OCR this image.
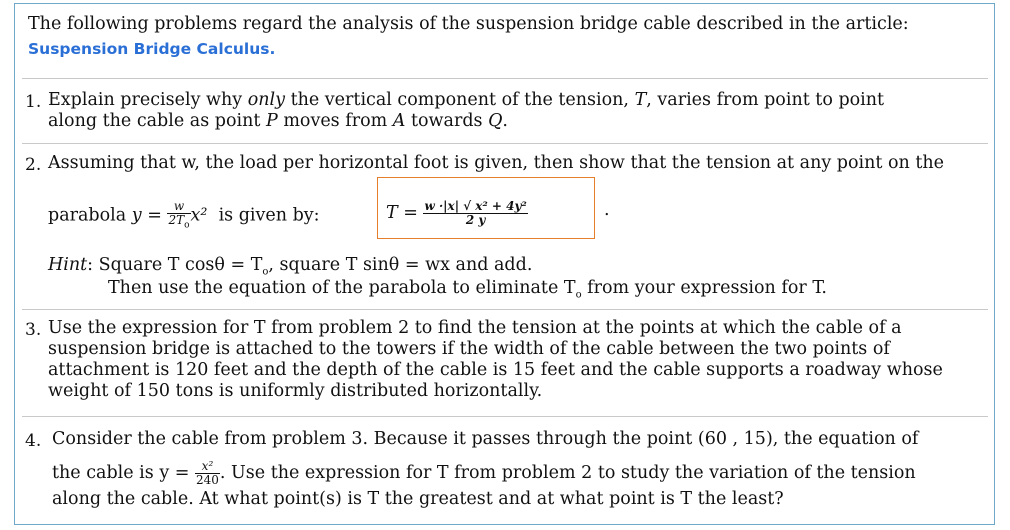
The following problems regard the analysis of the suspension bridge cable described in the article:
Suspension Bridge Calculus.
1. Explain precisely why only the vertical component of the tension, T, varies from point to point
along the cable as point P moves from A towards Q.
2. Assuming that w, the load per horizontal foot is given, then show that the tension at any point on the
parabola $y = \frac{w}{2T_o} x^2$ is given by:	$T = \frac{\text{w ·|x| √ x² + 4y²}}{2 y}$	.
Hint: Square T $\cos\theta = T_o$, square T sinθ = wx and add.
Then use the equation of the parabola to eliminate $T_o$ from your expression for T.
3. Use the expression for T from problem 2 to find the tension at the points at which the cable of a
suspension bridge is attached to the towers if the width of the cable between the two points of
attachment is 120 feet and the depth of the cable is 15 feet and the cable supports a roadway whose
weight of 150 tons is uniformly distributed horizontally.
4. Consider the cable from problem 3. Because it passes through the point (60 , 15), the equation of
the cable is $y = \frac{\text{x²}}{240}$ . Use the expression for T from problem 2 to study the variation of the tension
along the cable. At what point(s) is T the greatest and at what point is T the least?
